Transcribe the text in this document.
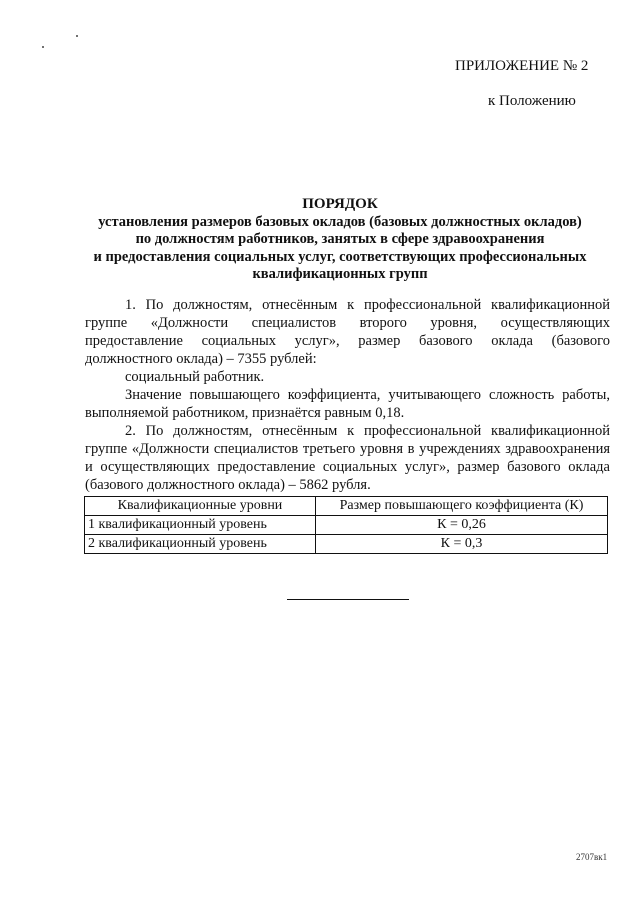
ПРИЛОЖЕНИЕ № 2
к Положению
ПОРЯДОК
установления размеров базовых окладов (базовых должностных окладов)
по должностям работников, занятых в сфере здравоохранения
и предоставления социальных услуг, соответствующих профессиональных
квалификационных групп

1. По должностям, отнесённым к профессиональной квалификационной группе «Должности специалистов второго уровня, осуществляющих предоставление социальных услуг», размер базового оклада (базового должностного оклада) – 7355 рублей:

социальный работник.

Значение повышающего коэффициента, учитывающего сложность работы, выполняемой работником, признаётся равным 0,18.

2. По должностям, отнесённым к профессиональной квалификационной группе «Должности специалистов третьего уровня в учреждениях здравоохранения и осуществляющих предоставление социальных услуг», размер базового оклада (базового должностного оклада) – 5862 рубля.

Квалификационные уровни	Размер повышающего коэффициента (К)
1 квалификационный уровень	К = 0,26
2 квалификационный уровень	К = 0,3
2707вк1
